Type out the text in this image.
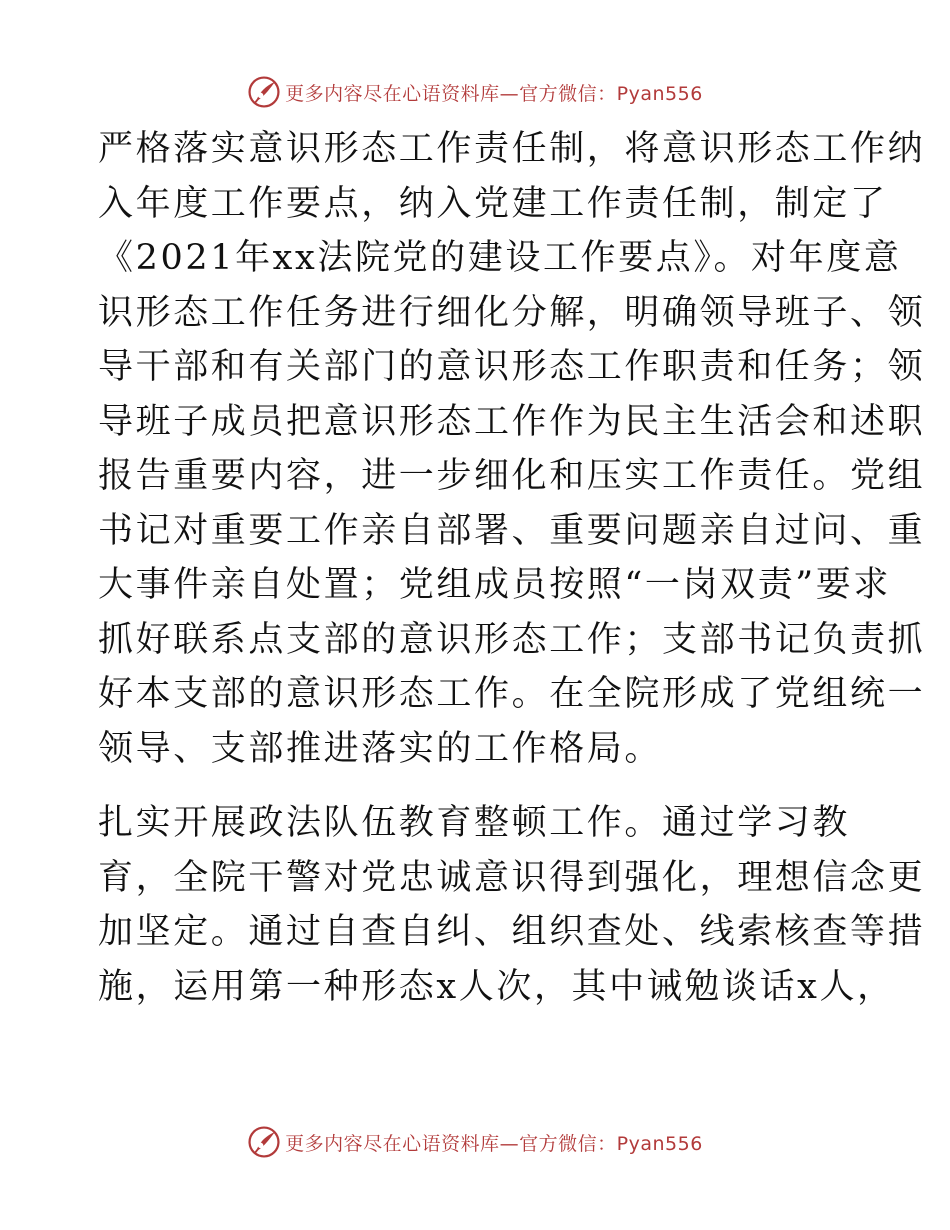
更多内容尽在心语资料库—官方微信：Pyan556
严格落实意识形态工作责任制，将意识形态工作纳
入年度工作要点，纳入党建工作责任制，制定了
《2021年xx法院党的建设工作要点》。对年度意
识形态工作任务进行细化分解，明确领导班子、领
导干部和有关部门的意识形态工作职责和任务；领
导班子成员把意识形态工作作为民主生活会和述职
报告重要内容，进一步细化和压实工作责任。党组
书记对重要工作亲自部署、重要问题亲自过问、重
大事件亲自处置；党组成员按照“一岗双责”要求
抓好联系点支部的意识形态工作；支部书记负责抓
好本支部的意识形态工作。在全院形成了党组统一
领导、支部推进落实的工作格局。
扎实开展政法队伍教育整顿工作。通过学习教
育，全院干警对党忠诚意识得到强化，理想信念更
加坚定。通过自查自纠、组织查处、线索核查等措
施，运用第一种形态x人次，其中诫勉谈话x人，
更多内容尽在心语资料库—官方微信：Pyan556
